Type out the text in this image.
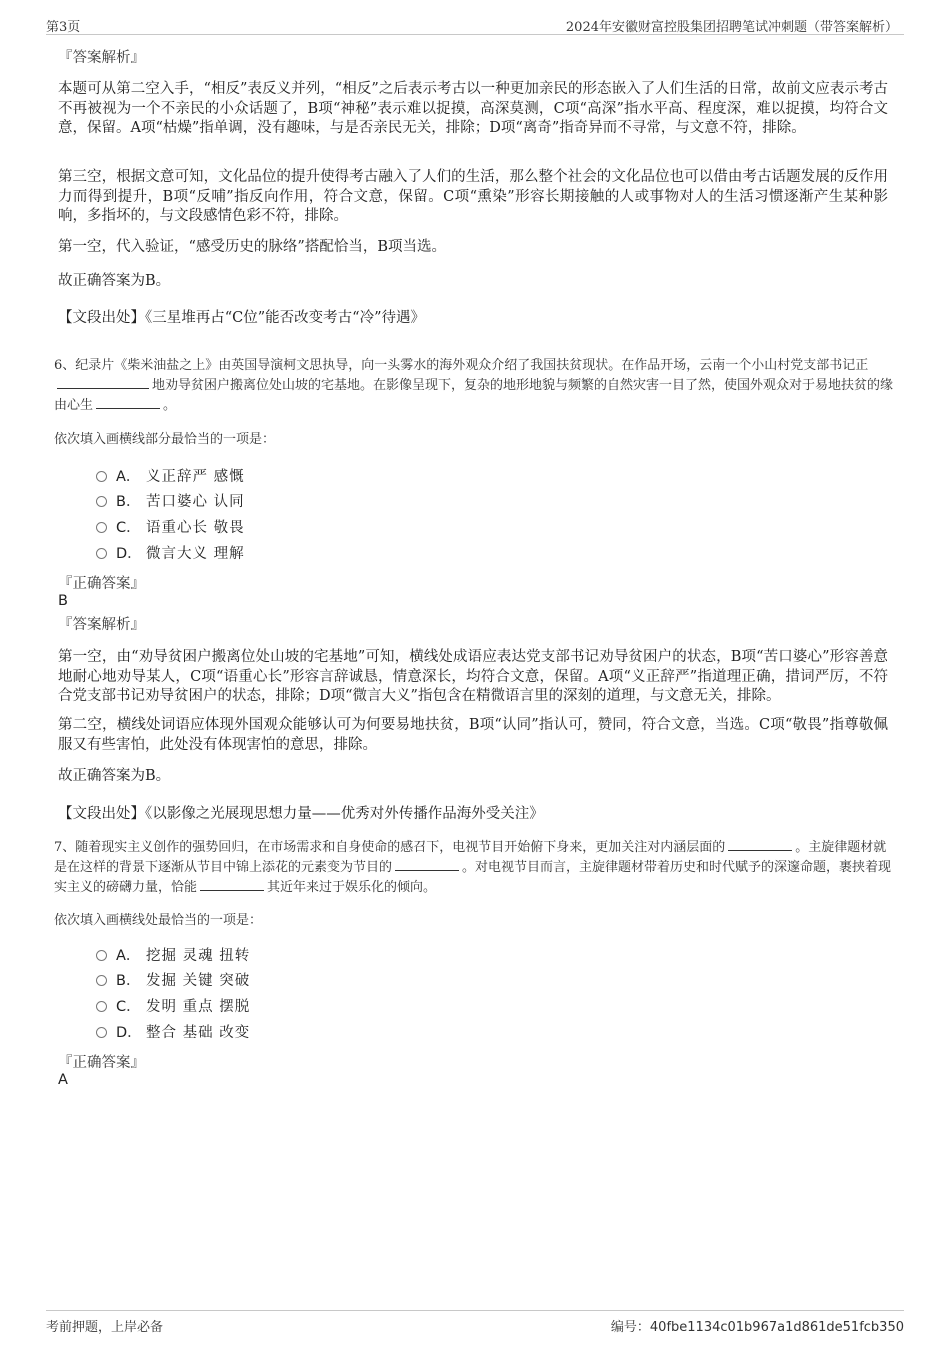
第3页	2024年安徽财富控股集团招聘笔试冲刺题（带答案解析）
『答案解析』
本题可从第二空入手，“相反”表反义并列，“相反”之后表示考古以一种更加亲民的形态嵌入了人们生活的日常，故前文应表示考古不再被视为一个不亲民的小众话题了，B项“神秘”表示难以捉摸，高深莫测，C项“高深”指水平高、程度深，难以捉摸，均符合文意，保留。A项“枯燥”指单调，没有趣味，与是否亲民无关，排除；D项“离奇”指奇异而不寻常，与文意不符，排除。
第三空，根据文意可知，文化品位的提升使得考古融入了人们的生活，那么整个社会的文化品位也可以借由考古话题发展的反作用力而得到提升，B项“反哺”指反向作用，符合文意，保留。C项“熏染”形容长期接触的人或事物对人的生活习惯逐渐产生某种影响，多指坏的，与文段感情色彩不符，排除。
第一空，代入验证，“感受历史的脉络”搭配恰当，B项当选。
故正确答案为B。
【文段出处】《三星堆再占“C位”能否改变考古“冷”待遇》
6、纪录片《柴米油盐之上》由英国导演柯文思执导，向一头雾水的海外观众介绍了我国扶贫现状。在作品开场，云南一个小山村党支部书记正地劝导贫困户搬离位处山坡的宅基地。在影像呈现下，复杂的地形地貌与频繁的自然灾害一目了然，使国外观众对于易地扶贫的缘由心生	。
依次填入画横线部分最恰当的一项是：
A． 义正辞严 感慨
B． 苦口婆心 认同
C． 语重心长 敬畏
D． 微言大义 理解
『正确答案』
B
『答案解析』
第一空，由“劝导贫困户搬离位处山坡的宅基地”可知，横线处成语应表达党支部书记劝导贫困户的状态，B项“苦口婆心”形容善意地耐心地劝导某人，C项“语重心长”形容言辞诚恳，情意深长，均符合文意，保留。A项“义正辞严”指道理正确，措词严厉，不符合党支部书记劝导贫困户的状态，排除；D项“微言大义”指包含在精微语言里的深刻的道理，与文意无关，排除。
第二空，横线处词语应体现外国观众能够认可为何要易地扶贫，B项“认同”指认可，赞同，符合文意，当选。C项“敬畏”指尊敬佩服又有些害怕，此处没有体现害怕的意思，排除。
故正确答案为B。
【文段出处】《以影像之光展现思想力量——优秀对外传播作品海外受关注》
7、随着现实主义创作的强势回归，在市场需求和自身使命的感召下，电视节目开始俯下身来，更加关注对内涵层面的	。主旋律题材就是在这样的背景下逐渐从节目中锦上添花的元素变为节目的	。对电视节目而言，主旋律题材带着历史和时代赋予的深邃命题，裹挟着现实主义的磅礴力量，恰能	其近年来过于娱乐化的倾向。
依次填入画横线处最恰当的一项是：
A． 挖掘 灵魂 扭转
B． 发掘 关键 突破
C． 发明 重点 摆脱
D． 整合 基础 改变
『正确答案』
A
考前押题，上岸必备	编号：40fbe1134c01b967a1d861de51fcb350
